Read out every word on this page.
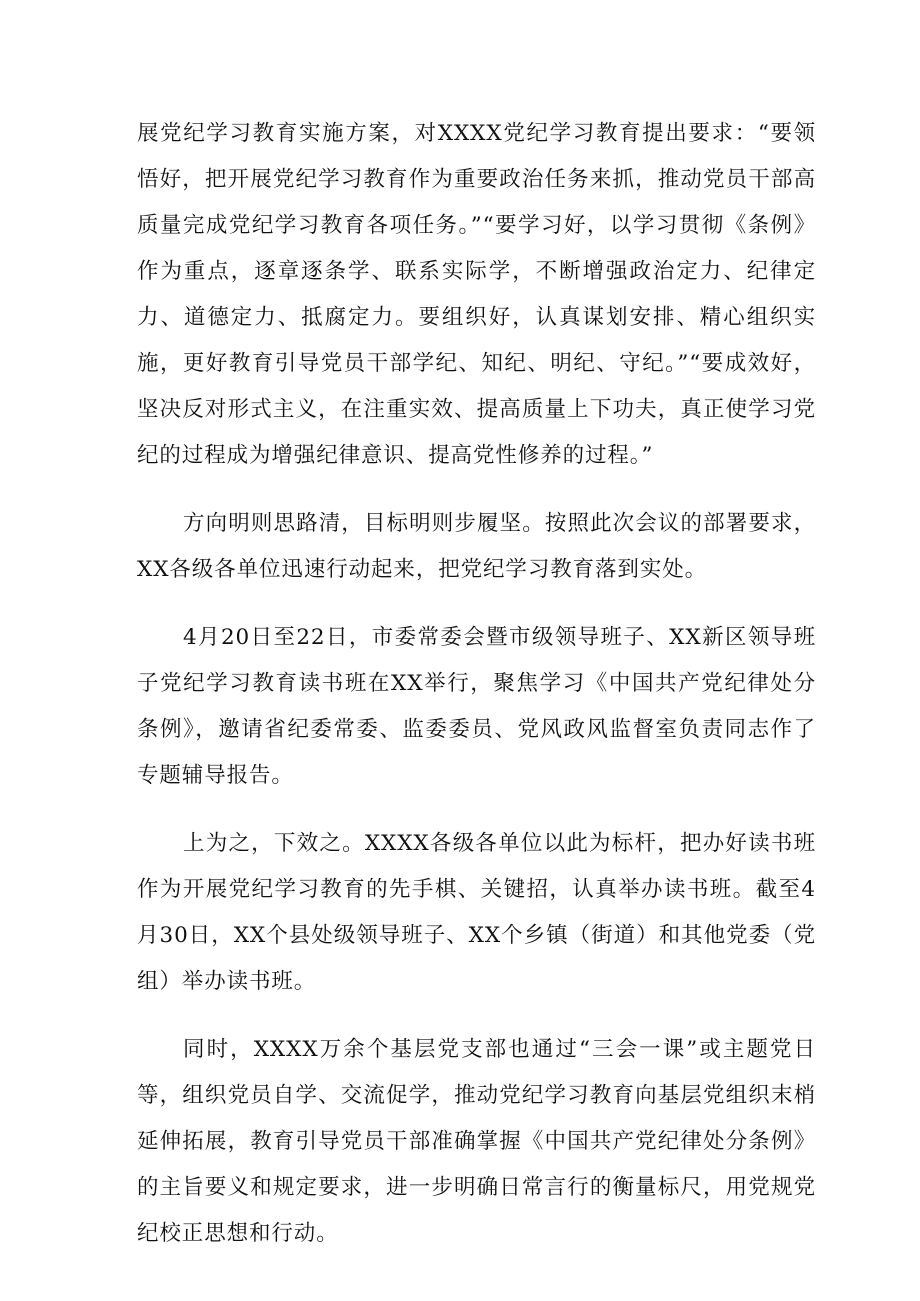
展党纪学习教育实施方案，对XXXX党纪学习教育提出要求：“要领悟好，把开展党纪学习教育作为重要政治任务来抓，推动党员干部高质量完成党纪学习教育各项任务。”“要学习好，以学习贯彻《条例》作为重点，逐章逐条学、联系实际学，不断增强政治定力、纪律定力、道德定力、抵腐定力。要组织好，认真谋划安排、精心组织实施，更好教育引导党员干部学纪、知纪、明纪、守纪。”“要成效好，坚决反对形式主义，在注重实效、提高质量上下功夫，真正使学习党纪的过程成为增强纪律意识、提高党性修养的过程。”

方向明则思路清，目标明则步履坚。按照此次会议的部署要求，XX各级各单位迅速行动起来，把党纪学习教育落到实处。

4月20日至22日，市委常委会暨市级领导班子、XX新区领导班子党纪学习教育读书班在XX举行，聚焦学习《中国共产党纪律处分条例》，邀请省纪委常委、监委委员、党风政风监督室负责同志作了专题辅导报告。

上为之，下效之。XXXX各级各单位以此为标杆，把办好读书班作为开展党纪学习教育的先手棋、关键招，认真举办读书班。截至4月30日，XX个县处级领导班子、XX个乡镇（街道）和其他党委（党组）举办读书班。

同时，XXXX万余个基层党支部也通过“三会一课”或主题党日等，组织党员自学、交流促学，推动党纪学习教育向基层党组织末梢延伸拓展，教育引导党员干部准确掌握《中国共产党纪律处分条例》的主旨要义和规定要求，进一步明确日常言行的衡量标尺，用党规党纪校正思想和行动。
